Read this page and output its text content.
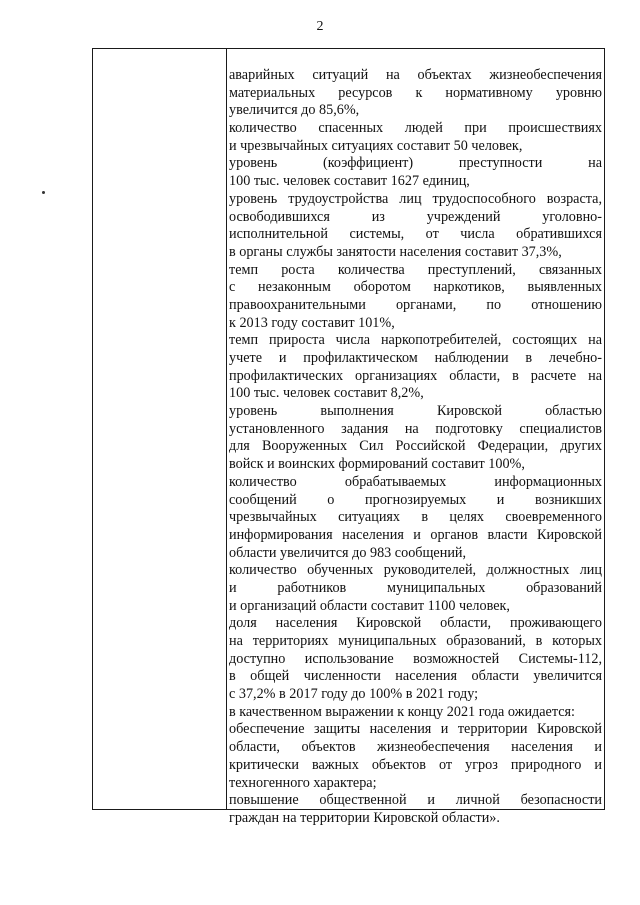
2
аварийных ситуаций на объектах жизнеобеспечения
материальных ресурсов к нормативному уровню
увеличится до 85,6%,
количество спасенных людей при происшествиях
и чрезвычайных ситуациях составит 50 человек,
уровень (коэффициент) преступности на
100 тыс. человек составит 1627 единиц,
уровень трудоустройства лиц трудоспособного возраста,
освободившихся из учреждений уголовно-
исполнительной системы, от числа обратившихся
в органы службы занятости населения составит 37,3%,
темп роста количества преступлений, связанных
с незаконным оборотом наркотиков, выявленных
правоохранительными органами, по отношению
к 2013 году составит 101%,
темп прироста числа наркопотребителей, состоящих на
учете и профилактическом наблюдении в лечебно-
профилактических организациях области, в расчете на
100 тыс. человек составит 8,2%,
уровень выполнения Кировской областью
установленного задания на подготовку специалистов
для Вооруженных Сил Российской Федерации, других
войск и воинских формирований составит 100%,
количество обрабатываемых информационных
сообщений о прогнозируемых и возникших
чрезвычайных ситуациях в целях своевременного
информирования населения и органов власти Кировской
области увеличится до 983 сообщений,
количество обученных руководителей, должностных лиц
и работников муниципальных образований
и организаций области составит 1100 человек,
доля населения Кировской области, проживающего
на территориях муниципальных образований, в которых
доступно использование возможностей Системы-112,
в общей численности населения области увеличится
с 37,2% в 2017 году до 100% в 2021 году;
в качественном выражении к концу 2021 года ожидается:
обеспечение защиты населения и территории Кировской
области, объектов жизнеобеспечения населения и
критически важных объектов от угроз природного и
техногенного характера;
повышение общественной и личной безопасности
граждан на территории Кировской области».
